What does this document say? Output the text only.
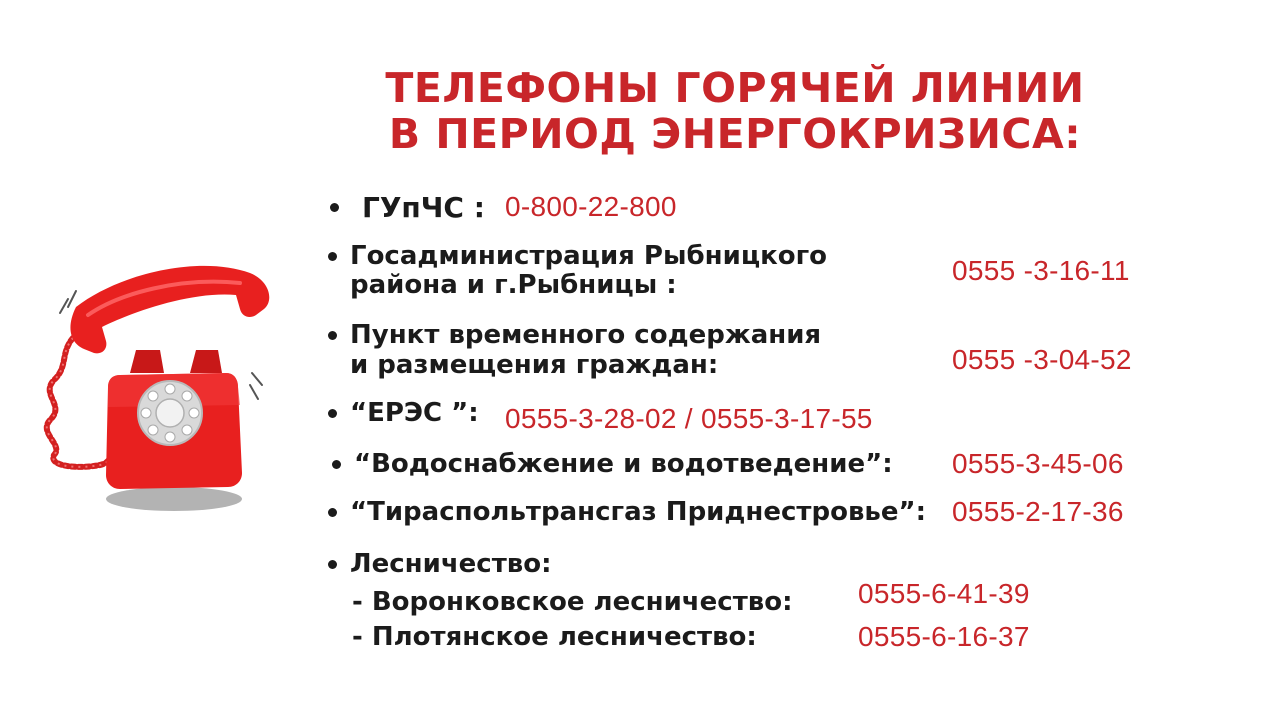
ТЕЛЕФОНЫ ГОРЯЧЕЙ ЛИНИИ
В ПЕРИОД ЭНЕРГОКРИЗИСА:
ГУпЧС : 0-800-22-800
Госадминистрация Рыбницкого
района и г.Рыбницы :	0555 -3-16-11
Пункт временного содержания
и размещения граждан:	0555 -3-04-52
“ЕРЭС ”: 0555-3-28-02 / 0555-3-17-55
“Водоснабжение и водотведение”: 0555-3-45-06
“Тираспольтрансгаз Приднестровье”: 0555-2-17-36
Лесничество:
- Воронковское лесничество: 0555-6-41-39
- Плотянское лесничество:	0555-6-16-37
